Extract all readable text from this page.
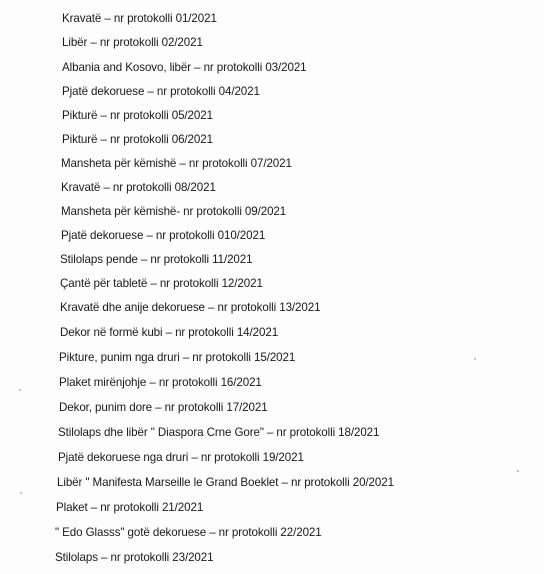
Kravatë – nr protokolli 01/2021
Libër – nr protokolli 02/2021
Albania and Kosovo, libër – nr protokolli 03/2021
Pjatë dekoruese – nr protokolli 04/2021
Pikturë – nr protokolli 05/2021
Pikturë – nr protokolli 06/2021
Mansheta për këmishë – nr protokolli 07/2021
Kravatë – nr protokolli 08/2021
Mansheta për këmishë- nr protokolli 09/2021
Pjatë dekoruese – nr protokolli 010/2021
Stilolaps pende – nr protokolli 11/2021
Çantë për tabletë – nr protokolli 12/2021
Kravatë dhe anije dekoruese – nr protokolli 13/2021
Dekor në formë kubi – nr protokolli 14/2021
Pikture, punim nga druri – nr protokolli 15/2021
Plaket mirënjohje – nr protokolli 16/2021
Dekor, punim dore – nr protokolli 17/2021
Stilolaps dhe libër " Diaspora Crne Gore" – nr protokolli 18/2021
Pjatë dekoruese nga druri – nr protokolli 19/2021
Libër " Manifesta Marseille le Grand Boeklet – nr protokolli 20/2021
Plaket – nr protokolli 21/2021
" Edo Glasss" gotë dekoruese – nr protokolli 22/2021
Stilolaps – nr protokolli 23/2021
